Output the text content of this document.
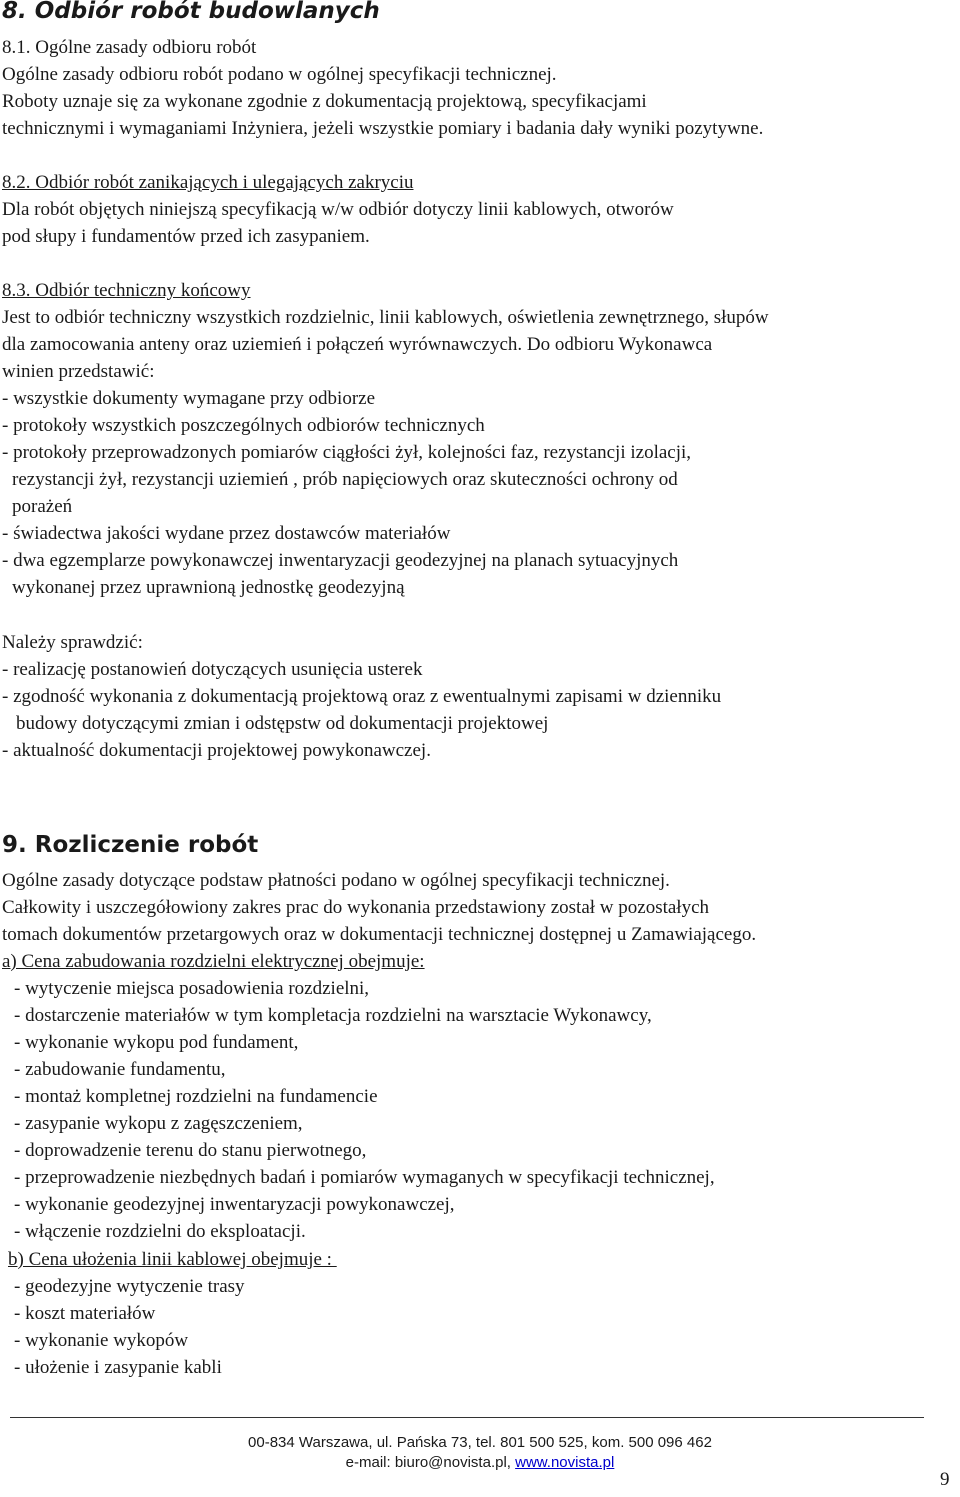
8. Odbiór robót budowlanych
8.1. Ogólne zasady odbioru robót
Ogólne zasady odbioru robót podano w ogólnej specyfikacji technicznej.
Roboty uznaje się za wykonane zgodnie z dokumentacją projektową, specyfikacjami
technicznymi i wymaganiami Inżyniera, jeżeli wszystkie pomiary i badania dały wyniki pozytywne.
8.2. Odbiór robót zanikających i ulegających zakryciu
Dla robót objętych niniejszą specyfikacją w/w odbiór dotyczy linii kablowych, otworów
pod słupy i fundamentów przed ich zasypaniem.
8.3. Odbiór techniczny końcowy
Jest to odbiór techniczny wszystkich rozdzielnic, linii kablowych, oświetlenia zewnętrznego, słupów
dla zamocowania anteny oraz uziemień i połączeń wyrównawczych. Do odbioru Wykonawca
winien przedstawić:
- wszystkie dokumenty wymagane przy odbiorze
- protokoły wszystkich poszczególnych odbiorów technicznych
- protokoły przeprowadzonych pomiarów ciągłości żył, kolejności faz, rezystancji izolacji,
rezystancji żył, rezystancji uziemień , prób napięciowych oraz skuteczności ochrony od
porażeń
- świadectwa jakości wydane przez dostawców materiałów
- dwa egzemplarze powykonawczej inwentaryzacji geodezyjnej na planach sytuacyjnych
wykonanej przez uprawnioną jednostkę geodezyjną
Należy sprawdzić:
- realizację postanowień dotyczących usunięcia usterek
- zgodność wykonania z dokumentacją projektową oraz z ewentualnymi zapisami w dzienniku
budowy dotyczącymi zmian i odstępstw od dokumentacji projektowej
- aktualność dokumentacji projektowej powykonawczej.
9. Rozliczenie robót
Ogólne zasady dotyczące podstaw płatności podano w ogólnej specyfikacji technicznej.
Całkowity i uszczegółowiony zakres prac do wykonania przedstawiony został w pozostałych
tomach dokumentów przetargowych oraz w dokumentacji technicznej dostępnej u Zamawiającego.
a) Cena zabudowania rozdzielni elektrycznej obejmuje:
- wytyczenie miejsca posadowienia rozdzielni,
- dostarczenie materiałów w tym kompletacja rozdzielni na warsztacie Wykonawcy,
- wykonanie wykopu pod fundament,
- zabudowanie fundamentu,
- montaż kompletnej rozdzielni na fundamencie
- zasypanie wykopu z zagęszczeniem,
- doprowadzenie terenu do stanu pierwotnego,
- przeprowadzenie niezbędnych badań i pomiarów wymaganych w specyfikacji technicznej,
- wykonanie geodezyjnej inwentaryzacji powykonawczej,
- włączenie rozdzielni do eksploatacji.
b) Cena ułożenia linii kablowej obejmuje :
- geodezyjne wytyczenie trasy
- koszt materiałów
- wykonanie wykopów
- ułożenie i zasypanie kabli
00-834 Warszawa, ul. Pańska 73, tel. 801 500 525, kom. 500 096 462
e-mail: biuro@novista.pl, www.novista.pl
9
